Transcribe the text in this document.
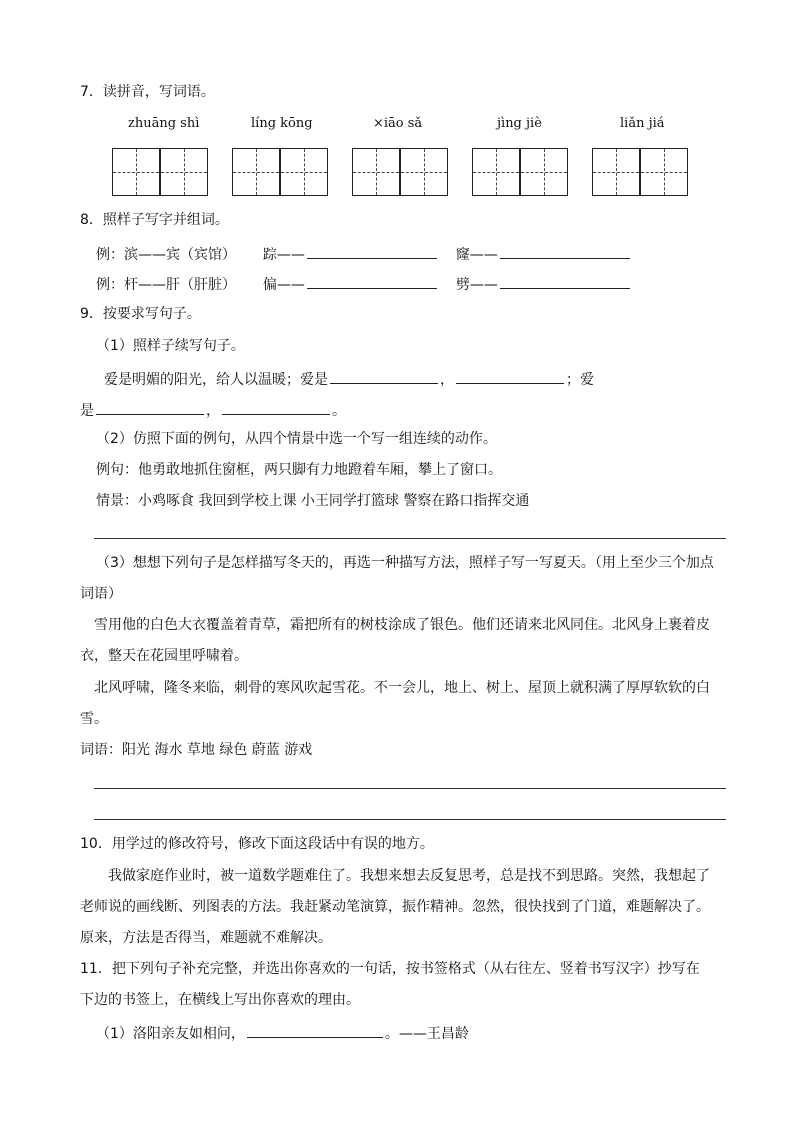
7．读拼音，写词语。
zhuāng shì	líng kōng	×iāo sǎ	jìng jiè	liǎn jiá
8．照样子写字并组词。
例：滨——宾（宾馆） 踪——	窿——
例：杆——肝（肝脏） 偏——	劈——
9．按要求写句子。
（1）照样子续写句子。
爱是明媚的阳光，给人以温暖；爱是	，	；爱
是	，	。
（2）仿照下面的例句，从四个情景中选一个写一组连续的动作。
例句：他勇敢地抓住窗框，两只脚有力地蹬着车厢，攀上了窗口。
情景：小鸡啄食 我回到学校上课 小王同学打篮球 警察在路口指挥交通
（3）想想下列句子是怎样描写冬天的，再选一种描写方法，照样子写一写夏天。（用上至少三个加点
词语）
雪用他的白色大衣覆盖着青草，霜把所有的树枝涂成了银色。他们还请来北风同住。北风身上裹着皮
衣，整天在花园里呼啸着。
北风呼啸，隆冬来临，刺骨的寒风吹起雪花。不一会儿，地上、树上、屋顶上就积满了厚厚软软的白
雪。
词语：阳光 海水 草地 绿色 蔚蓝 游戏
10．用学过的修改符号，修改下面这段话中有误的地方。
我做家庭作业时，被一道数学题难住了。我想来想去反复思考，总是找不到思路。突然，我想起了
老师说的画线断、列图表的方法。我赶紧动笔演算，振作精神。忽然，很快找到了门道，难题解决了。
原来，方法是否得当，难题就不难解决。
11．把下列句子补充完整，并选出你喜欢的一句话，按书签格式（从右往左、竖着书写汉字）抄写在
下边的书签上，在横线上写出你喜欢的理由。
（1）洛阳亲友如相问，	。——王昌龄
